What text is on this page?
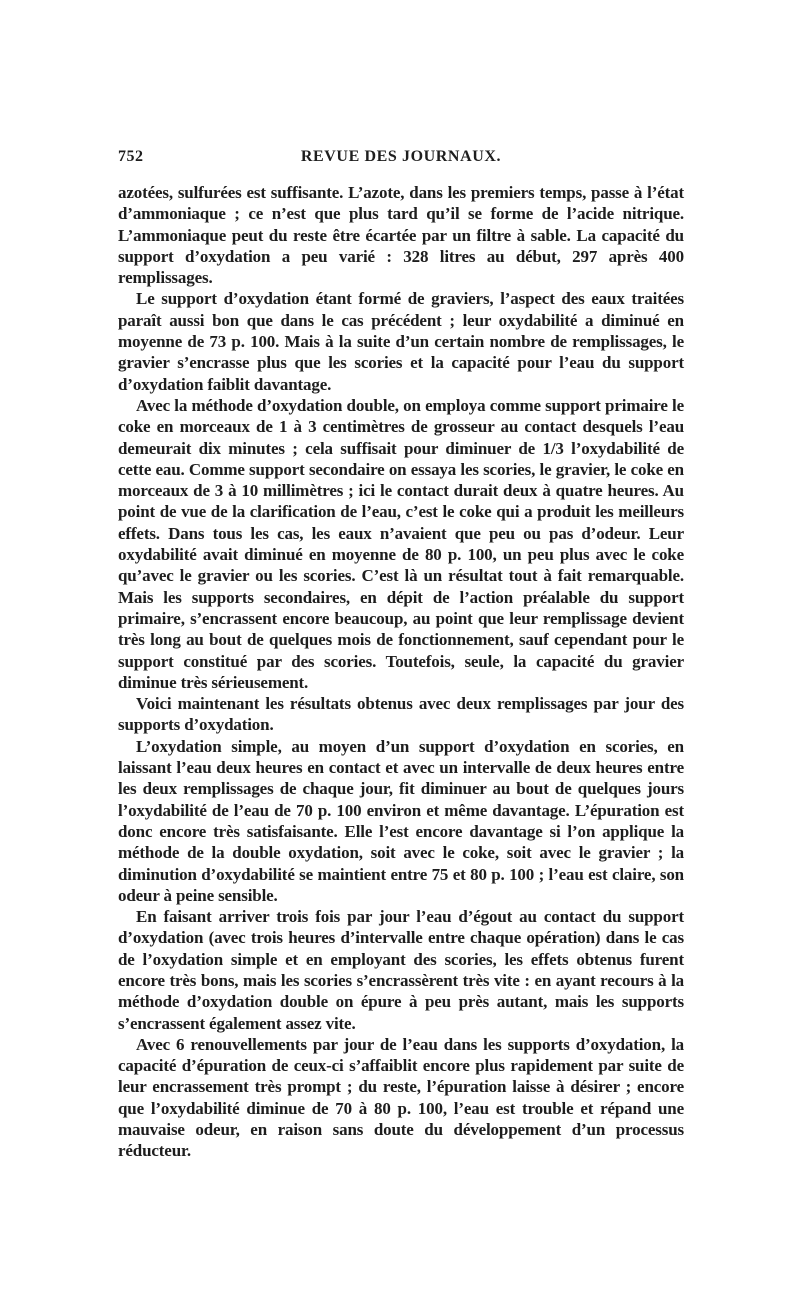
752	REVUE DES JOURNAUX.

azotées, sulfurées est suffisante. L’azote, dans les premiers temps, passe à l’état d’ammoniaque ; ce n’est que plus tard qu’il se forme de l’acide nitrique. L’ammoniaque peut du reste être écartée par un filtre à sable. La capacité du support d’oxydation a peu varié : 328 litres au début, 297 après 400 remplissages.

Le support d’oxydation étant formé de graviers, l’aspect des eaux traitées paraît aussi bon que dans le cas précédent ; leur oxydabilité a diminué en moyenne de 73 p. 100. Mais à la suite d’un certain nombre de remplissages, le gravier s’encrasse plus que les scories et la capacité pour l’eau du support d’oxydation faiblit davantage.

Avec la méthode d’oxydation double, on employa comme support primaire le coke en morceaux de 1 à 3 centimètres de grosseur au contact desquels l’eau demeurait dix minutes ; cela suffisait pour diminuer de 1/3 l’oxydabilité de cette eau. Comme support secondaire on essaya les scories, le gravier, le coke en morceaux de 3 à 10 millimètres ; ici le contact durait deux à quatre heures. Au point de vue de la clarification de l’eau, c’est le coke qui a produit les meilleurs effets. Dans tous les cas, les eaux n’avaient que peu ou pas d’odeur. Leur oxydabilité avait diminué en moyenne de 80 p. 100, un peu plus avec le coke qu’avec le gravier ou les scories. C’est là un résultat tout à fait remarquable. Mais les supports secondaires, en dépit de l’action préalable du support primaire, s’encrassent encore beaucoup, au point que leur remplissage devient très long au bout de quelques mois de fonctionnement, sauf cependant pour le support constitué par des scories. Toutefois, seule, la capacité du gravier diminue très sérieusement.

Voici maintenant les résultats obtenus avec deux remplissages par jour des supports d’oxydation.

L’oxydation simple, au moyen d’un support d’oxydation en scories, en laissant l’eau deux heures en contact et avec un intervalle de deux heures entre les deux remplissages de chaque jour, fit diminuer au bout de quelques jours l’oxydabilité de l’eau de 70 p. 100 environ et même davantage. L’épuration est donc encore très satisfaisante. Elle l’est encore davantage si l’on applique la méthode de la double oxydation, soit avec le coke, soit avec le gravier ; la diminution d’oxydabilité se maintient entre 75 et 80 p. 100 ; l’eau est claire, son odeur à peine sensible.

En faisant arriver trois fois par jour l’eau d’égout au contact du support d’oxydation (avec trois heures d’intervalle entre chaque opération) dans le cas de l’oxydation simple et en employant des scories, les effets obtenus furent encore très bons, mais les scories s’encrassèrent très vite : en ayant recours à la méthode d’oxydation double on épure à peu près autant, mais les supports s’encrassent également assez vite.

Avec 6 renouvellements par jour de l’eau dans les supports d’oxydation, la capacité d’épuration de ceux-ci s’affaiblit encore plus rapidement par suite de leur encrassement très prompt ; du reste, l’épuration laisse à désirer ; encore que l’oxydabilité diminue de 70 à 80 p. 100, l’eau est trouble et répand une mauvaise odeur, en raison sans doute du développement d’un processus réducteur.
